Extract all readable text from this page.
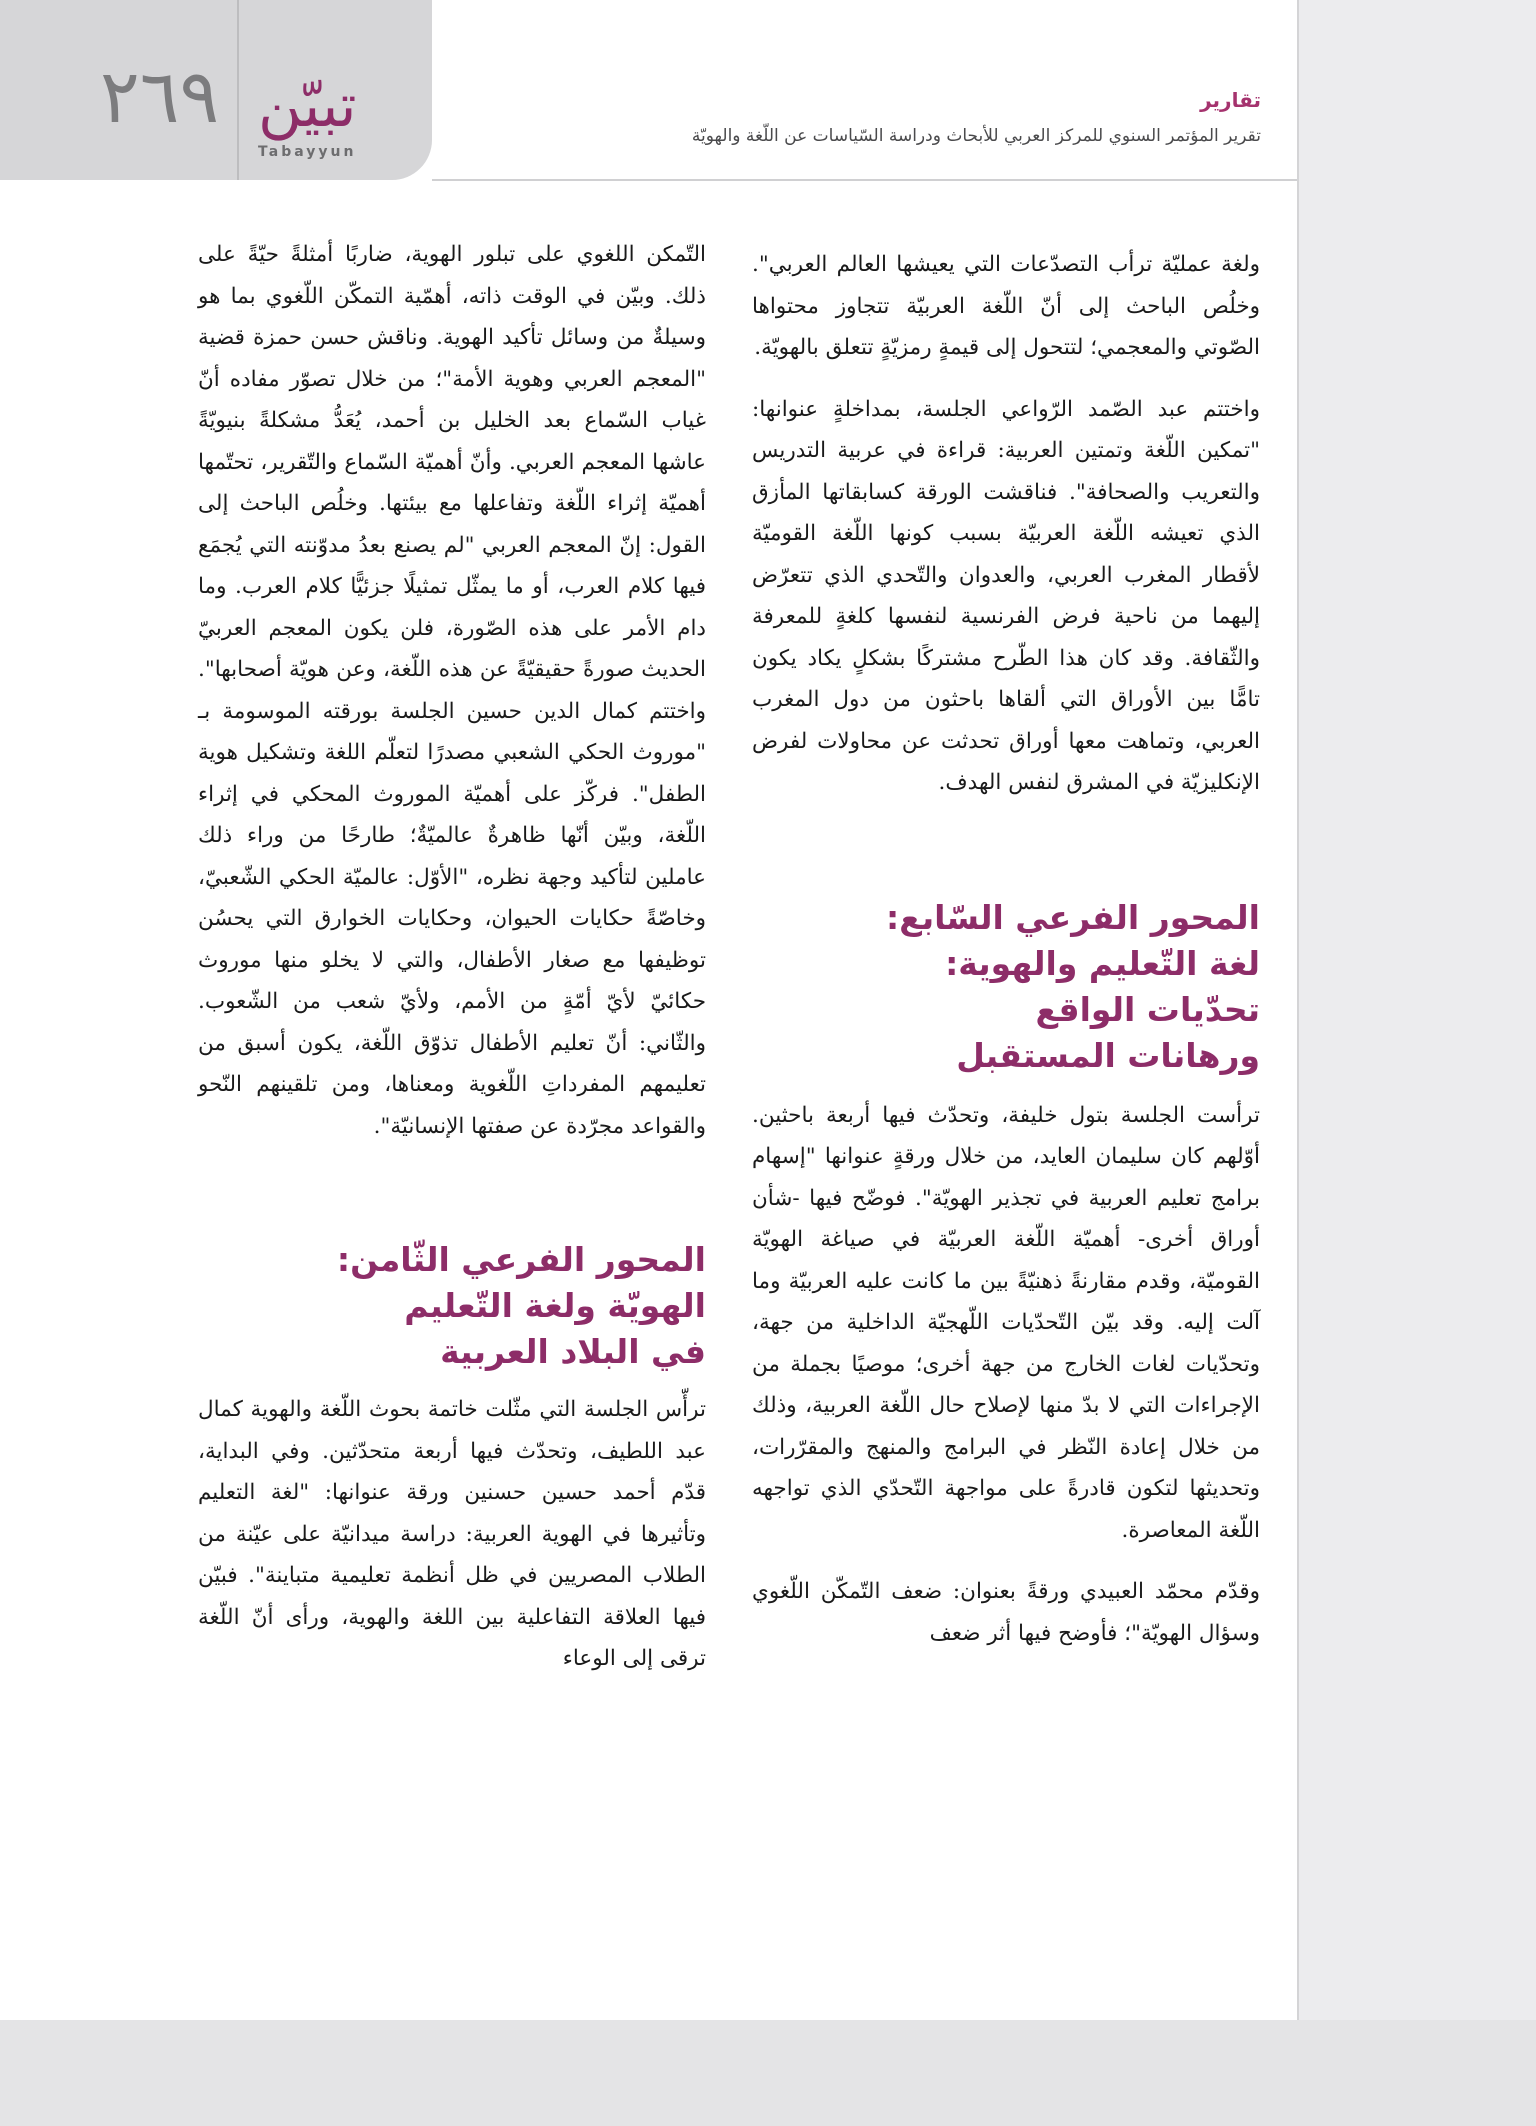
٢٦٩ تبيّن
Tabayyun
تقارير
تقرير المؤتمر السنوي للمركز العربي للأبحاث ودراسة السّياسات عن اللّغة والهويّة

ولغة عمليّة ترأب التصدّعات التي يعيشها العالم العربي". وخلُص الباحث إلى أنّ اللّغة العربيّة تتجاوز محتواها الصّوتي والمعجمي؛ لتتحول إلى قيمةٍ رمزيّةٍ تتعلق بالهويّة.

واختتم عبد الصّمد الرّواعي الجلسة، بمداخلةٍ عنوانها: "تمكين اللّغة وتمتين العربية: قراءة في عربية التدريس والتعريب والصحافة". فناقشت الورقة كسابقاتها المأزق الذي تعيشه اللّغة العربيّة بسبب كونها اللّغة القوميّة لأقطار المغرب العربي، والعدوان والتّحدي الذي تتعرّض إليهما من ناحية فرض الفرنسية لنفسها كلغةٍ للمعرفة والثّقافة. وقد كان هذا الطّرح مشتركًا بشكلٍ يكاد يكون تامًّا بين الأوراق التي ألقاها باحثون من دول المغرب العربي، وتماهت معها أوراق تحدثت عن محاولات لفرض الإنكليزيّة في المشرق لنفس الهدف.

المحور الفرعي السّابع:
لغة التّعليم والهوية:
تحدّيات الواقع
ورهانات المستقبل

ترأست الجلسة بتول خليفة، وتحدّث فيها أربعة باحثين. أوّلهم كان سليمان العايد، من خلال ورقةٍ عنوانها "إسهام برامج تعليم العربية في تجذير الهويّة". فوضّح فيها -شأن أوراق أخرى- أهميّة اللّغة العربيّة في صياغة الهويّة القوميّة، وقدم مقارنةً ذهنيّةً بين ما كانت عليه العربيّة وما آلت إليه. وقد بيّن التّحدّيات اللّهجيّة الداخلية من جهة، وتحدّيات لغات الخارج من جهة أخرى؛ موصيًا بجملة من الإجراءات التي لا بدّ منها لإصلاح حال اللّغة العربية، وذلك من خلال إعادة النّظر في البرامج والمنهج والمقرّرات، وتحديثها لتكون قادرةً على مواجهة التّحدّي الذي تواجهه اللّغة المعاصرة.

وقدّم محمّد العبيدي ورقةً بعنوان: ضعف التّمكّن اللّغوي وسؤال الهويّة"؛ فأوضح فيها أثر ضعف

التّمكن اللغوي على تبلور الهوية، ضاربًا أمثلةً حيّةً على ذلك. وبيّن في الوقت ذاته، أهمّية التمكّن اللّغوي بما هو وسيلةٌ من وسائل تأكيد الهوية. وناقش حسن حمزة قضية "المعجم العربي وهوية الأمة"؛ من خلال تصوّر مفاده أنّ غياب السّماع بعد الخليل بن أحمد، يُعَدُّ مشكلةً بنيويّةً عاشها المعجم العربي. وأنّ أهميّة السّماع والتّقرير، تحتّمها أهميّة إثراء اللّغة وتفاعلها مع بيئتها. وخلُص الباحث إلى القول: إنّ المعجم العربي "لم يصنع بعدُ مدوّنته التي يُجمَع فيها كلام العرب، أو ما يمثّل تمثيلًا جزئيًّا كلام العرب. وما دام الأمر على هذه الصّورة، فلن يكون المعجم العربيّ الحديث صورةً حقيقيّةً عن هذه اللّغة، وعن هويّة أصحابها". واختتم كمال الدين حسين الجلسة بورقته الموسومة بـ "موروث الحكي الشعبي مصدرًا لتعلّم اللغة وتشكيل هوية الطفل". فركّز على أهميّة الموروث المحكي في إثراء اللّغة، وبيّن أنّها ظاهرةٌ عالميّةٌ؛ طارحًا من وراء ذلك عاملين لتأكيد وجهة نظره، "الأوّل: عالميّة الحكي الشّعبيّ، وخاصّةً حكايات الحيوان، وحكايات الخوارق التي يحسُن توظيفها مع صغار الأطفال، والتي لا يخلو منها موروث حكائيّ لأيّ أمّةٍ من الأمم، ولأيّ شعب من الشّعوب. والثّاني: أنّ تعليم الأطفال تذوّق اللّغة، يكون أسبق من تعليمهم المفرداتِ اللّغوية ومعناها، ومن تلقينهم النّحو والقواعد مجرّدة عن صفتها الإنسانيّة".

المحور الفرعي الثّامن:
الهويّة ولغة التّعليم
في البلاد العربية

ترأّس الجلسة التي مثّلت خاتمة بحوث اللّغة والهوية كمال عبد اللطيف، وتحدّث فيها أربعة متحدّثين. وفي البداية، قدّم أحمد حسين حسنين ورقة عنوانها: "لغة التعليم وتأثيرها في الهوية العربية: دراسة ميدانيّة على عيّنة من الطلاب المصريين في ظل أنظمة تعليمية متباينة". فبيّن فيها العلاقة التفاعلية بين اللغة والهوية، ورأى أنّ اللّغة ترقى إلى الوعاء
